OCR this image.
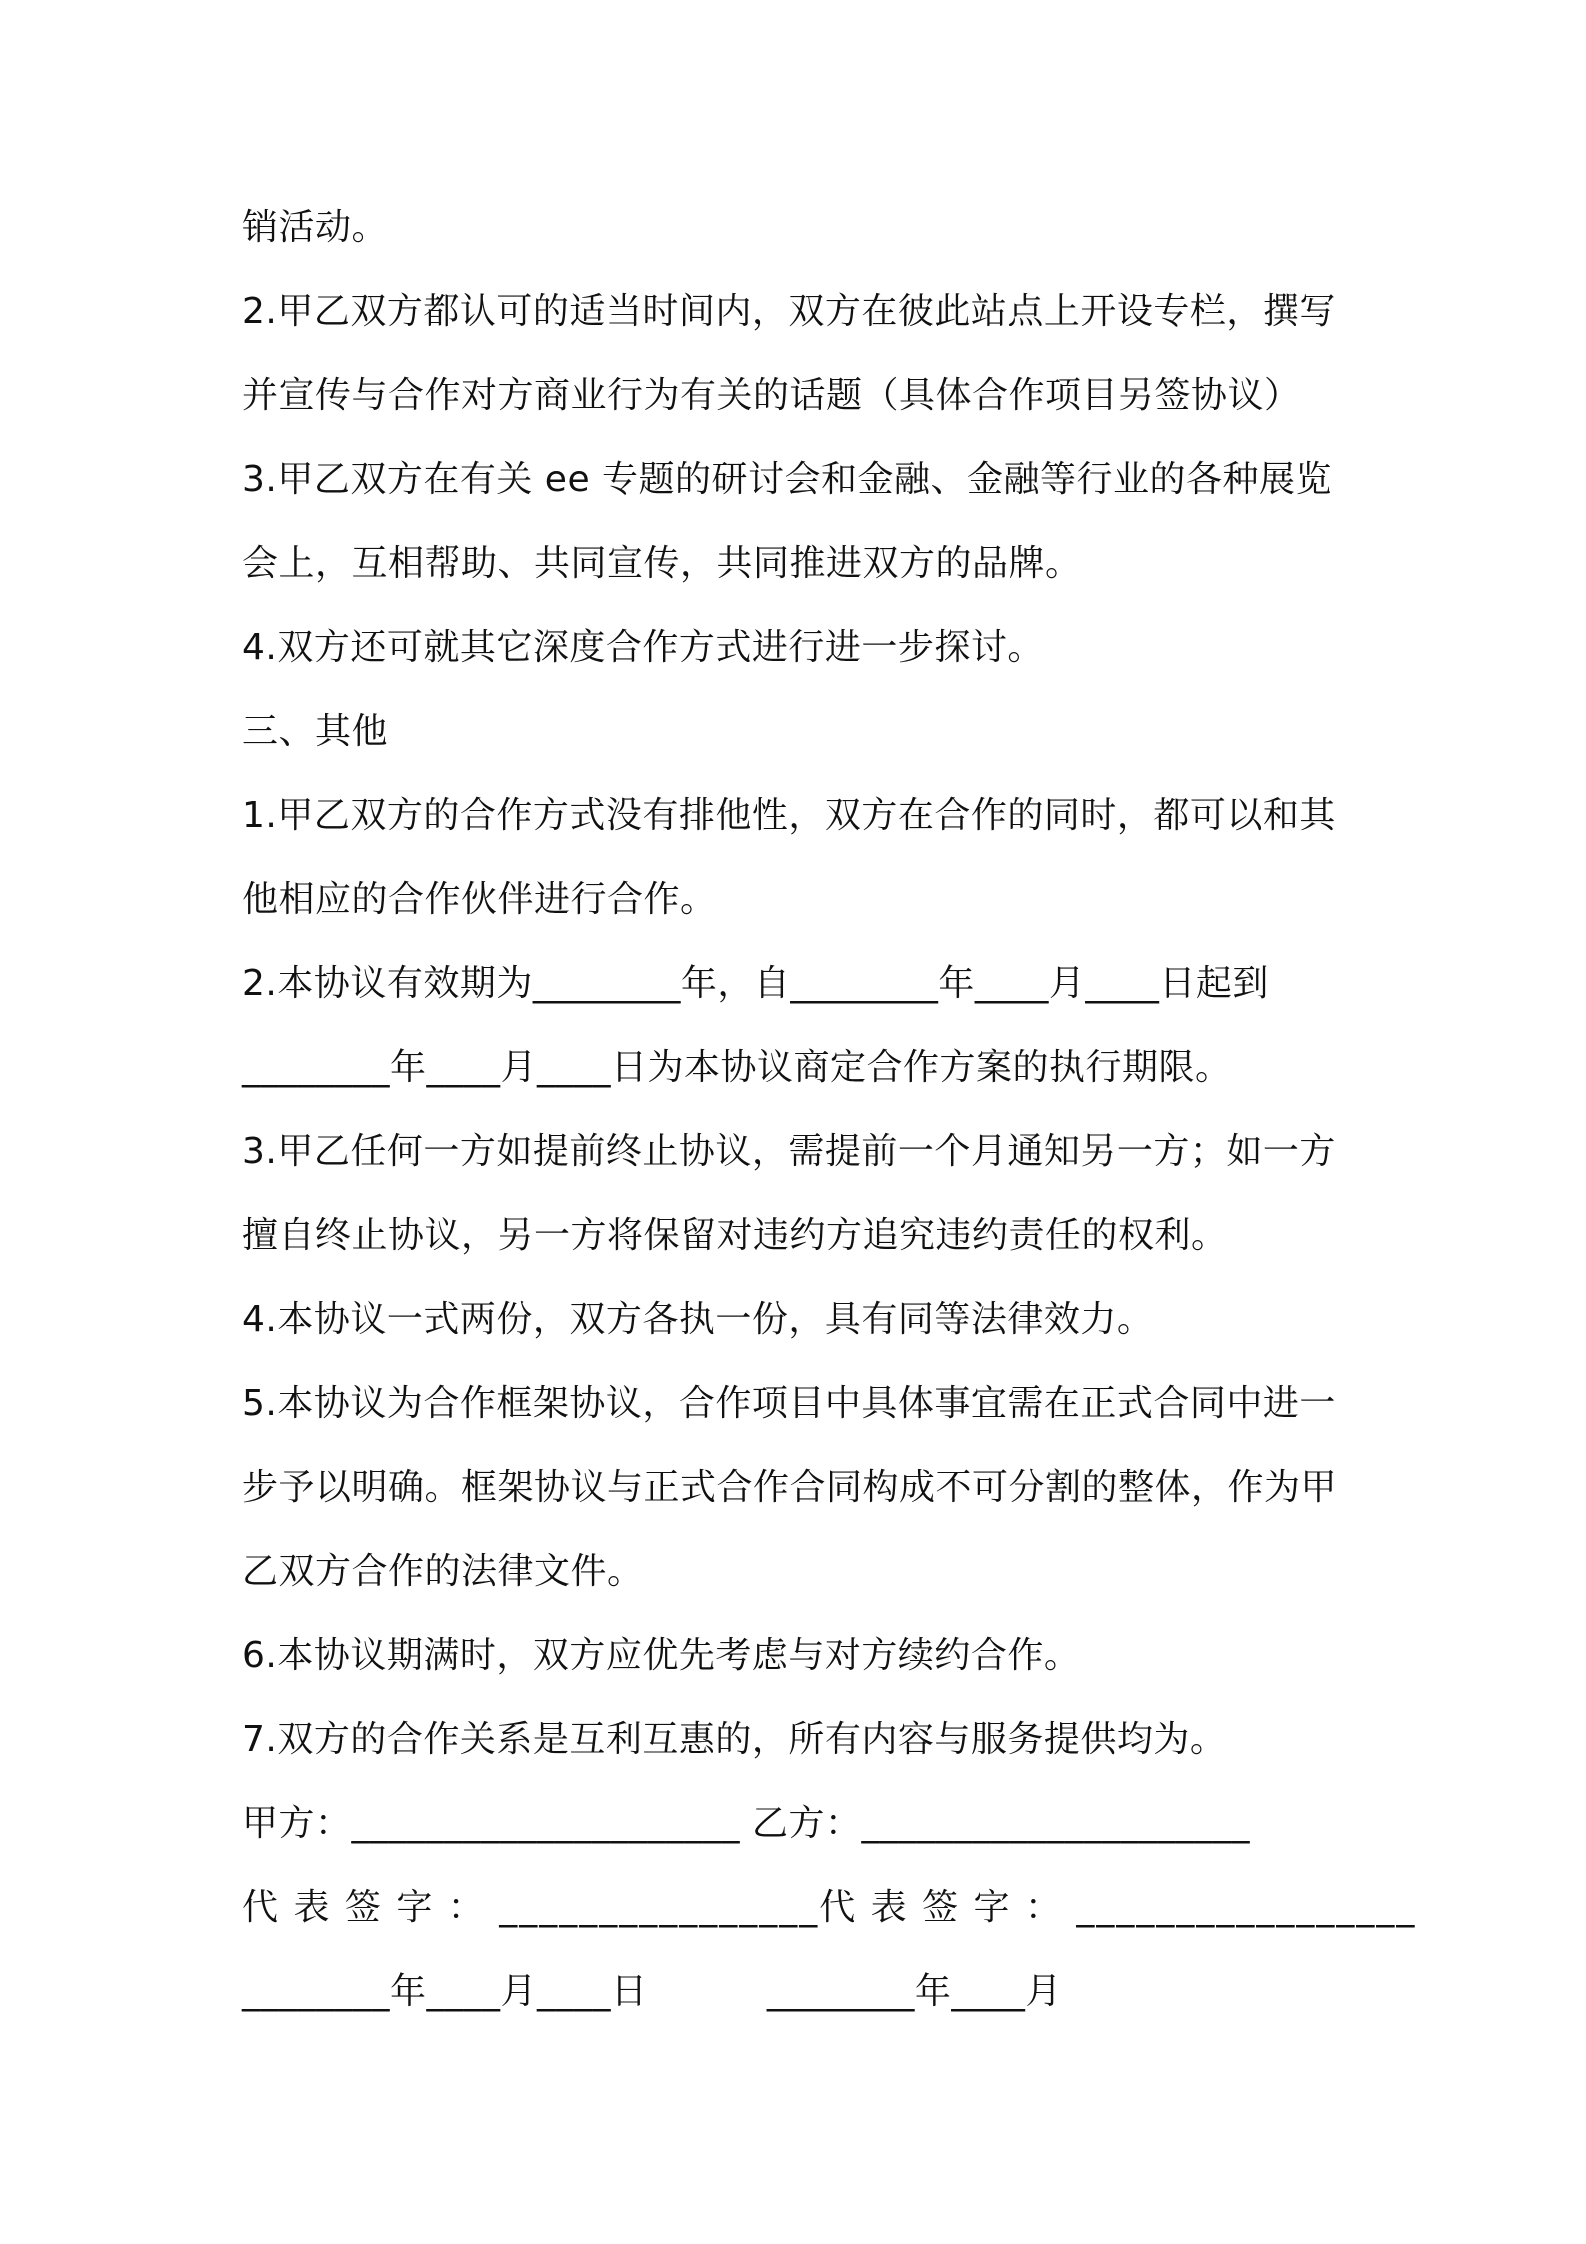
销活动。
2.甲乙双方都认可的适当时间内，双方在彼此站点上开设专栏，撰写
并宣传与合作对方商业行为有关的话题（具体合作项目另签协议）
3.甲乙双方在有关 ee 专题的研讨会和金融、金融等行业的各种展览
会上，互相帮助、共同宣传，共同推进双方的品牌。
4.双方还可就其它深度合作方式进行进一步探讨。
三、其他
1.甲乙双方的合作方式没有排他性，双方在合作的同时，都可以和其
他相应的合作伙伴进行合作。
2.本协议有效期为________年，自________年____月____日起到
________年____月____日为本协议商定合作方案的执行期限。
3.甲乙任何一方如提前终止协议，需提前一个月通知另一方；如一方
擅自终止协议，另一方将保留对违约方追究违约责任的权利。
4.本协议一式两份，双方各执一份，具有同等法律效力。
5.本协议为合作框架协议，合作项目中具体事宜需在正式合同中进一
步予以明确。框架协议与正式合作合同构成不可分割的整体，作为甲
乙双方合作的法律文件。
6.本协议期满时，双方应优先考虑与对方续约合作。
7.双方的合作关系是互利互惠的，所有内容与服务提供均为。
甲方：_____________________ 乙方：_____________________
代 表 签 字 ： ________________代 表 签 字 ： _________________
________年____月____日          ________年____月
